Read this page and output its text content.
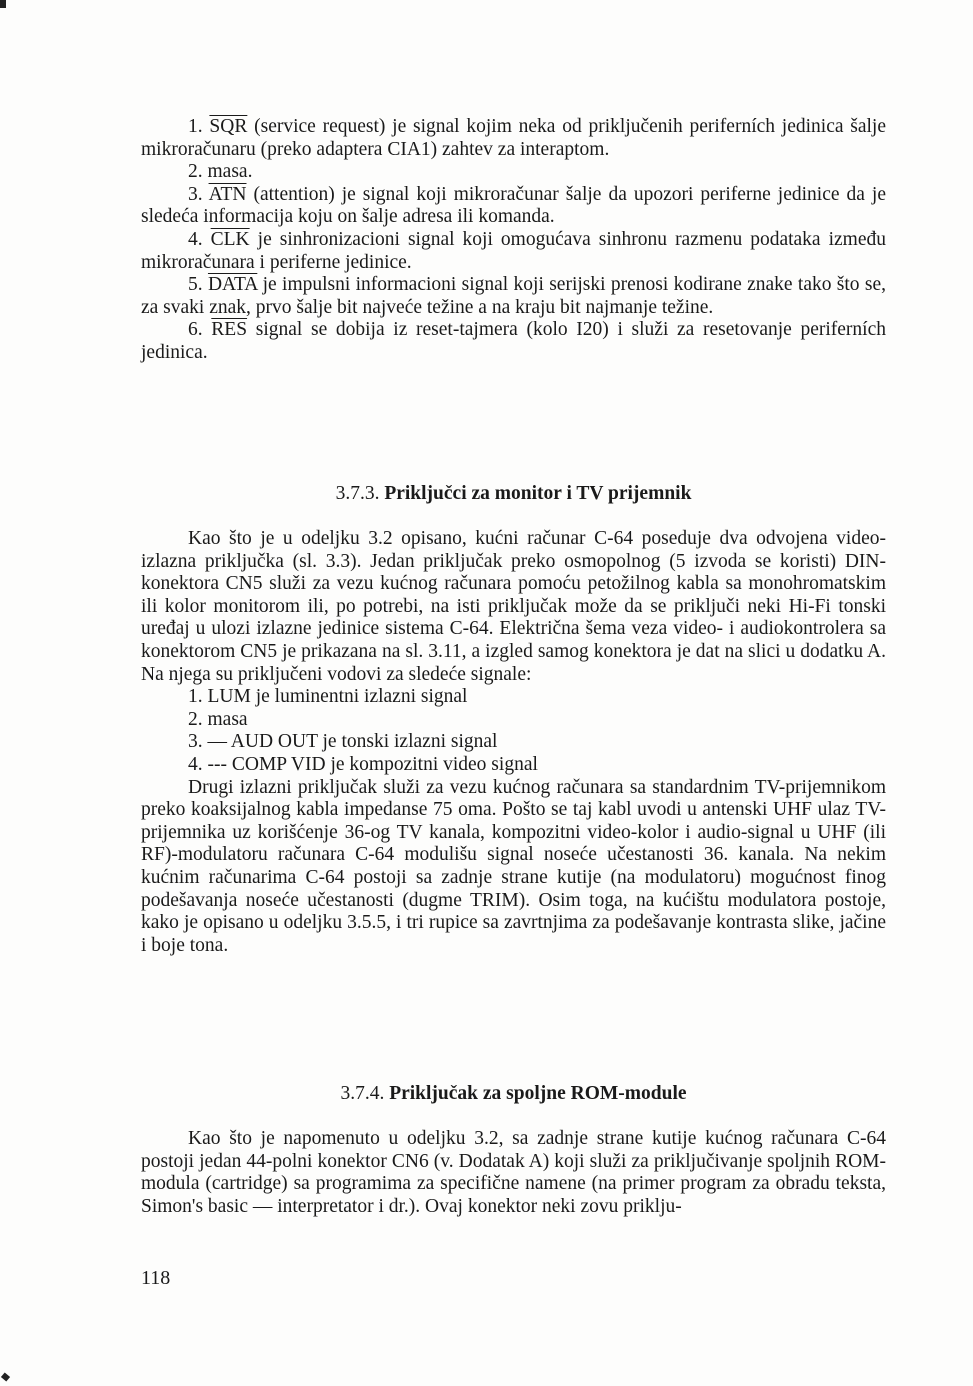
1. $\overline{SQR}$ (service request) je signal kojim neka od priključenih periferních jedinica šalje mikroračunaru (preko adaptera CIA1) zahtev za interaptom.

2. masa.

3. $\overline{ATN}$ (attention) je signal koji mikroračunar šalje da upozori periferne jedinice da je sledeća informacija koju on šalje adresa ili komanda.

4. $\overline{CLK}$ je sinhronizacioni signal koji omogućava sinhronu razmenu podataka između mikroračunara i periferne jedinice.

5. DATA je impulsni informacioni signal koji serijski prenosi kodirane znake tako što se, za svaki znak, prvo šalje bit najveće težine a na kraju bit najmanje težine.

6. $\overline{RES}$ signal se dobija iz reset-tajmera (kolo I20) i služi za resetovanje periferních jedinica.

3.7.3. Priključci za monitor i TV prijemnik

Kao što je u odeljku 3.2 opisano, kućni računar C-64 poseduje dva odvojena video-izlazna priključka (sl. 3.3). Jedan priključak preko osmopolnog (5 izvoda se koristi) DIN-konektora CN5 služi za vezu kućnog računara pomoću petožilnog kabla sa monohromatskim ili kolor monitorom ili, po potrebi, na isti priključak može da se priključi neki Hi-Fi tonski uređaj u ulozi izlazne jedinice sistema C-64. Električna šema veza video- i audiokontrolera sa konektorom CN5 je prikazana na sl. 3.11, a izgled samog konektora je dat na slici u dodatku A. Na njega su priključeni vodovi za sledeće signale:

1. LUM je luminentni izlazni signal

2. masa

3. — AUD OUT je tonski izlazni signal

4. --- COMP VID je kompozitni video signal

Drugi izlazni priključak služi za vezu kućnog računara sa standardnim TV-prijemnikom preko koaksijalnog kabla impedanse 75 oma. Pošto se taj kabl uvodi u antenski UHF ulaz TV-prijemnika uz korišćenje 36-og TV kanala, kompozitni video-kolor i audio-signal u UHF (ili RF)-modulatoru računara C-64 modulišu signal noseće učestanosti 36. kanala. Na nekim kućnim računarima C-64 postoji sa zadnje strane kutije (na modulatoru) mogućnost finog podešavanja noseće učestanosti (dugme TRIM). Osim toga, na kućištu modulatora postoje, kako je opisano u odeljku 3.5.5, i tri rupice sa zavrtnjima za podešavanje kontrasta slike, jačine i boje tona.

3.7.4. Priključak za spoljne ROM-module

Kao što je napomenuto u odeljku 3.2, sa zadnje strane kutije kućnog računara C-64 postoji jedan 44-polni konektor CN6 (v. Dodatak A) koji služi za priključivanje spoljnih ROM-modula (cartridge) sa programima za specifične namene (na primer program za obradu teksta, Simon's basic — interpretator i dr.). Ovaj konektor neki zovu priklju-

118
